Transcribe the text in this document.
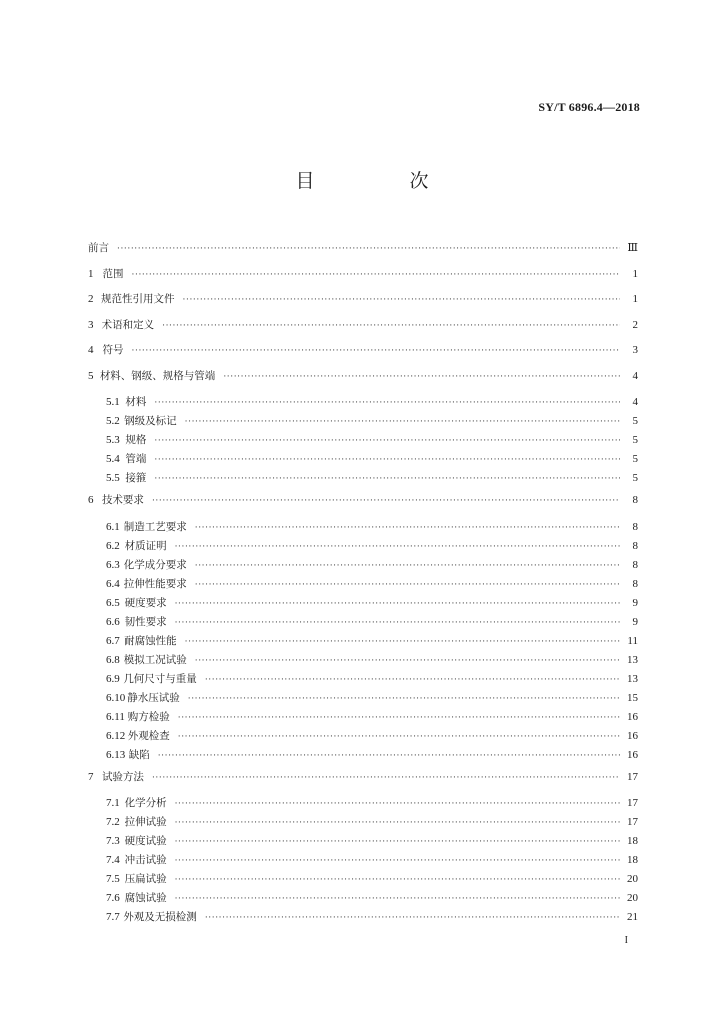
SY/T 6896.4—2018
目　次
前言 ·····	Ⅲ
1 范围 ·····	1
2 规范性引用文件 ·····	1
3 术语和定义 ·····	2
4 符号 ·····	3
5 材料、钢级、规格与管端 ·····	4
5.1 材料 ·····	4
5.2 钢级及标记 ·····	5
5.3 规格 ·····	5
5.4 管端 ·····	5
5.5 接箍 ·····	5
6 技术要求 ·····	8
6.1 制造工艺要求 ·····	8
6.2 材质证明 ·····	8
6.3 化学成分要求 ·····	8
6.4 拉伸性能要求 ·····	8
6.5 硬度要求 ·····	9
6.6 韧性要求 ·····	9
6.7 耐腐蚀性能 ·····	11
6.8 模拟工况试验 ·····	13
6.9 几何尺寸与重量 ·····	13
6.10 静水压试验 ·····	15
6.11 购方检验 ·····	16
6.12 外观检查 ·····	16
6.13 缺陷 ·····	16
7 试验方法 ·····	17
7.1 化学分析 ·····	17
7.2 拉伸试验 ·····	17
7.3 硬度试验 ·····	18
7.4 冲击试验 ·····	18
7.5 压扁试验 ·····	20
7.6 腐蚀试验 ·····	20
7.7 外观及无损检测 ·····	21
I
